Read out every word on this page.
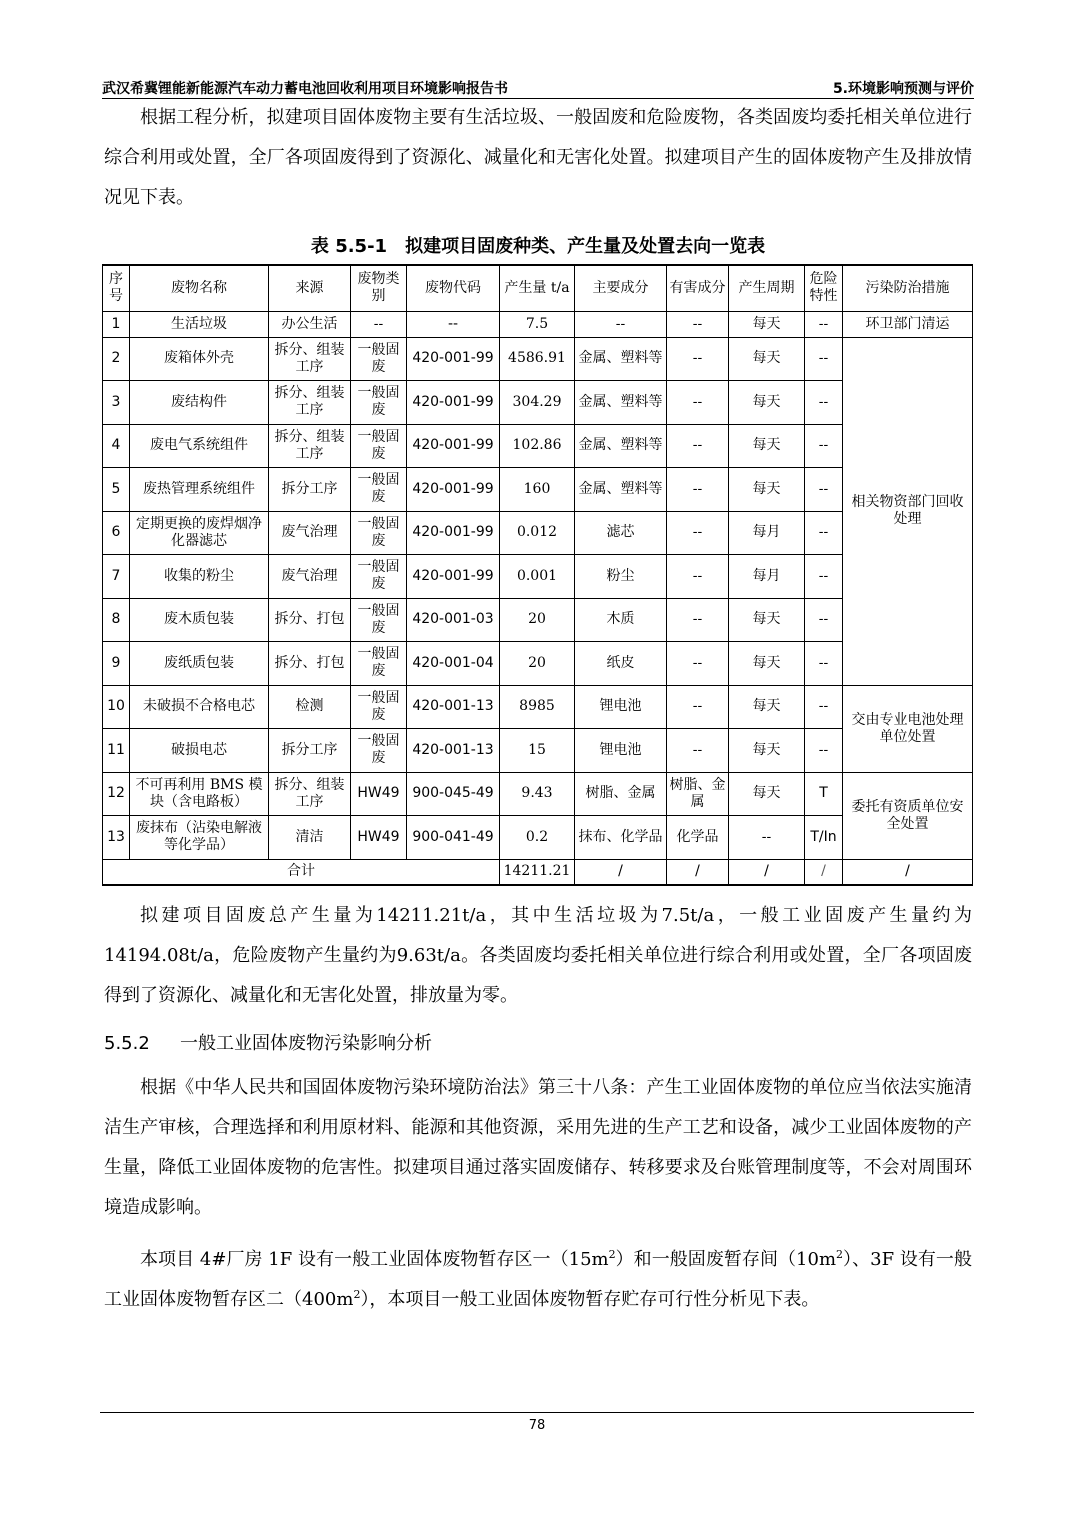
武汉希冀锂能新能源汽车动力蓄电池回收利用项目环境影响报告书	5.环境影响预测与评价
根据工程分析，拟建项目固体废物主要有生活垃圾、一般固废和危险废物，各类固废均委托相关单位进行综合利用或处置，全厂各项固废得到了资源化、减量化和无害化处置。拟建项目产生的固体废物产生及排放情况见下表。
表 5.5-1　拟建项目固废种类、产生量及处置去向一览表
序号	废物名称	来源	废物类别	废物代码	产生量 t/a	主要成分	有害成分	产生周期	危险特性	污染防治措施
1	生活垃圾	办公生活	--	--	7.5	--	--	每天	--	环卫部门清运
2	废箱体外壳	拆分、组装工序	一般固废	420-001-99	4586.91	金属、塑料等	--	每天	--	相关物资部门回收处理
3	废结构件	拆分、组装工序	一般固废	420-001-99	304.29	金属、塑料等	--	每天	--	
4	废电气系统组件	拆分、组装工序	一般固废	420-001-99	102.86	金属、塑料等	--	每天	--	
5	废热管理系统组件	拆分工序	一般固废	420-001-99	160	金属、塑料等	--	每天	--	
6	定期更换的废焊烟净化器滤芯	废气治理	一般固废	420-001-99	0.012	滤芯	--	每月	--	
7	收集的粉尘	废气治理	一般固废	420-001-99	0.001	粉尘	--	每月	--	
8	废木质包装	拆分、打包	一般固废	420-001-03	20	木质	--	每天	--	
9	废纸质包装	拆分、打包	一般固废	420-001-04	20	纸皮	--	每天	--	
10	未破损不合格电芯	检测	一般固废	420-001-13	8985	锂电池	--	每天	--	交由专业电池处理单位处置
11	破损电芯	拆分工序	一般固废	420-001-13	15	锂电池	--	每天	--	
12	不可再利用 BMS 模块（含电路板）	拆分、组装工序	HW49	900-045-49	9.43	树脂、金属	树脂、金属	每天	T	委托有资质单位安全处置
13	废抹布（沾染电解液等化学品）	清洁	HW49	900-041-49	0.2	抹布、化学品	化学品	--	T/In	
合计					14211.21	/	/	/	/	/
拟建项目固废总产生量为14211.21t/a，其中生活垃圾为7.5t/a，一般工业固废产生量约为14194.08t/a，危险废物产生量约为9.63t/a。各类固废均委托相关单位进行综合利用或处置，全厂各项固废得到了资源化、减量化和无害化处置，排放量为零。
5.5.2 一般工业固体废物污染影响分析
根据《中华人民共和国固体废物污染环境防治法》第三十八条：产生工业固体废物的单位应当依法实施清洁生产审核，合理选择和利用原材料、能源和其他资源，采用先进的生产工艺和设备，减少工业固体废物的产生量，降低工业固体废物的危害性。拟建项目通过落实固废储存、转移要求及台账管理制度等，不会对周围环境造成影响。
本项目 4#厂房 1F 设有一般工业固体废物暂存区一$(15m^2)$和一般固废暂存间$(10m^2)$、3F 设有一般工业固体废物暂存区二$(400m^2)$，本项目一般工业固体废物暂存贮存可行性分析见下表。
78
